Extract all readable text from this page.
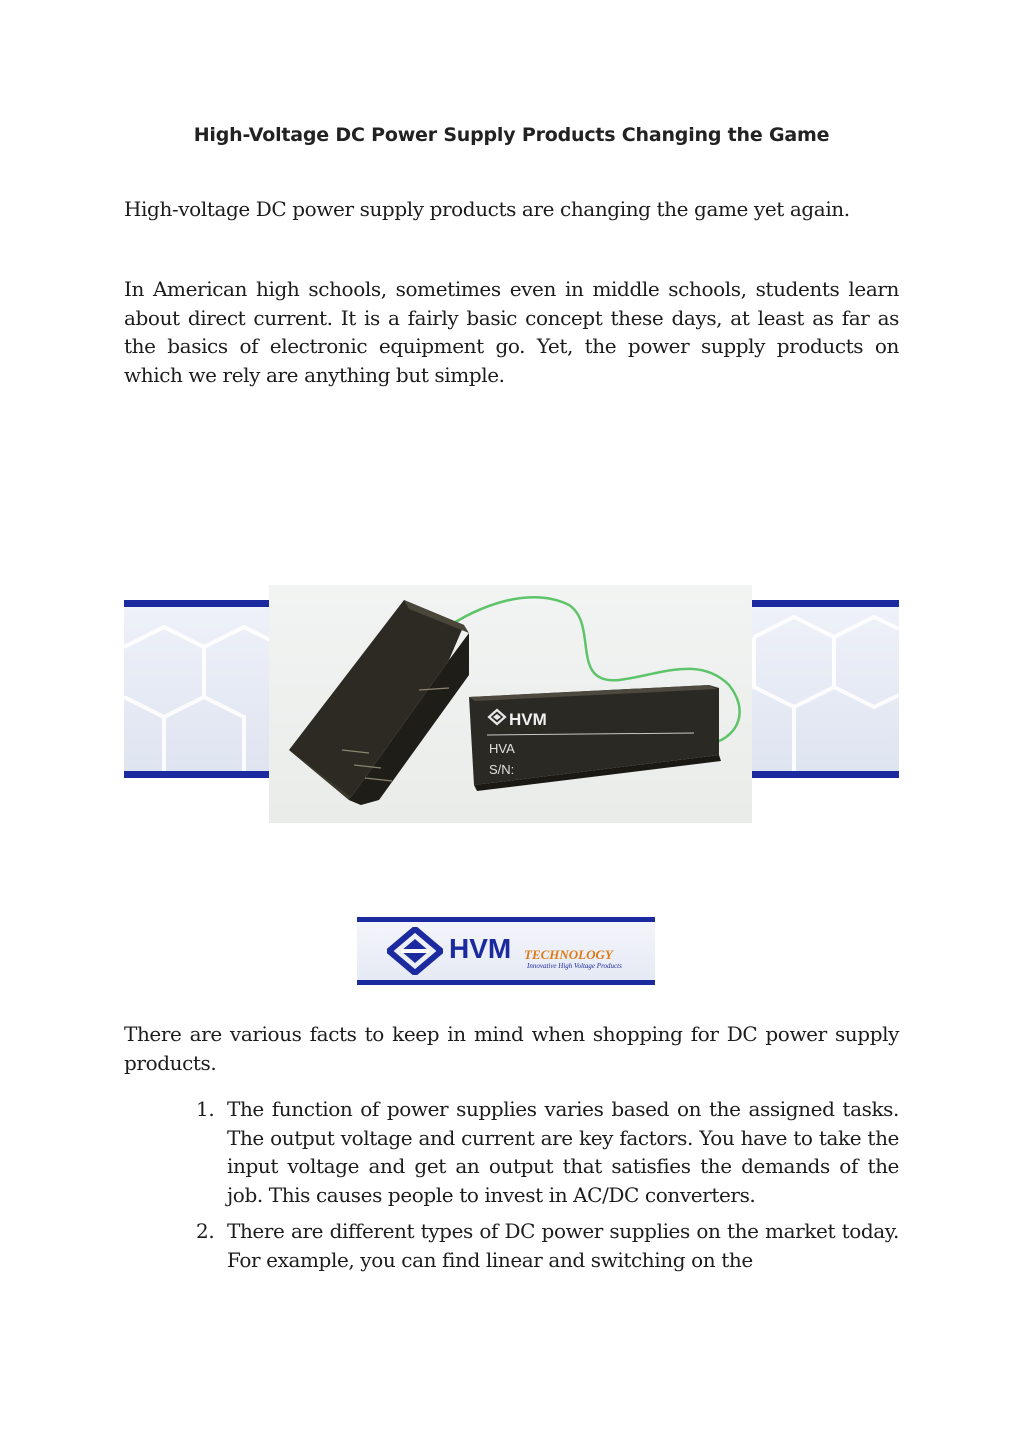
High-Voltage DC Power Supply Products Changing the Game

High-voltage DC power supply products are changing the game yet again.

In American high schools, sometimes even in middle schools, students learn about direct current. It is a fairly basic concept these days, at least as far as the basics of electronic equipment go. Yet, the power supply products on which we rely are anything but simple.

HVM
HVA
S/N:
HVM TECHNOLOGY
Innovative High Voltage Products

There are various facts to keep in mind when shopping for DC power supply products.

1. The function of power supplies varies based on the assigned tasks. The output voltage and current are key factors. You have to take the input voltage and get an output that satisfies the demands of the job. This causes people to invest in AC/DC converters.
2. There are different types of DC power supplies on the market today. For example, you can find linear and switching on the
